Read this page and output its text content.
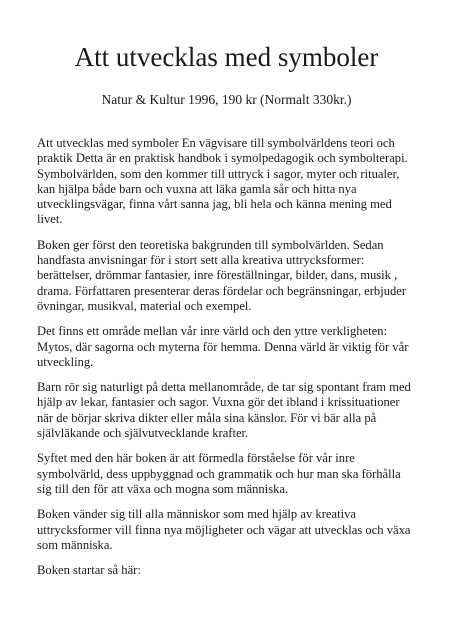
Att utvecklas med symboler

Natur & Kultur 1996, 190 kr (Normalt 330kr.)

Att utvecklas med symboler En vägvisare till symbolvärldens teori och
praktik Detta är en praktisk handbok i symolpedagogik och symbolterapi.
Symbolvärlden, som den kommer till uttryck i sagor, myter och ritualer,
kan hjälpa både barn och vuxna att läka gamla sår och hitta nya
utvecklingsvägar, finna vårt sanna jag, bli hela och känna mening med
livet.

Boken ger först den teoretiska bakgrunden till symbolvärlden. Sedan
handfasta anvisningar för i stort sett alla kreativa uttrycksformer:
berättelser, drömmar fantasier, inre föreställningar, bilder, dans, musik ,
drama. Författaren presenterar deras fördelar och begränsningar, erbjuder
övningar, musikval, material och exempel.

Det finns ett område mellan vår inre värld och den yttre verkligheten:
Mytos, där sagorna och myterna för hemma. Denna värld är viktig för vår
utveckling.

Barn rör sig naturligt på detta mellanområde, de tar sig spontant fram med
hjälp av lekar, fantasier och sagor. Vuxna gör det ibland i krissituationer
när de börjar skriva dikter eller måla sina känslor. För vi bär alla på
självläkande och självutvecklande krafter.

Syftet med den här boken är att förmedla förståelse för vår inre
symbolvärld, dess uppbyggnad och grammatik och hur man ska förhålla
sig till den för att växa och mogna som människa.

Boken vänder sig till alla människor som med hjälp av kreativa
uttrycksformer vill finna nya möjligheter och vägar att utvecklas och växa
som människa.

Boken startar så här:
